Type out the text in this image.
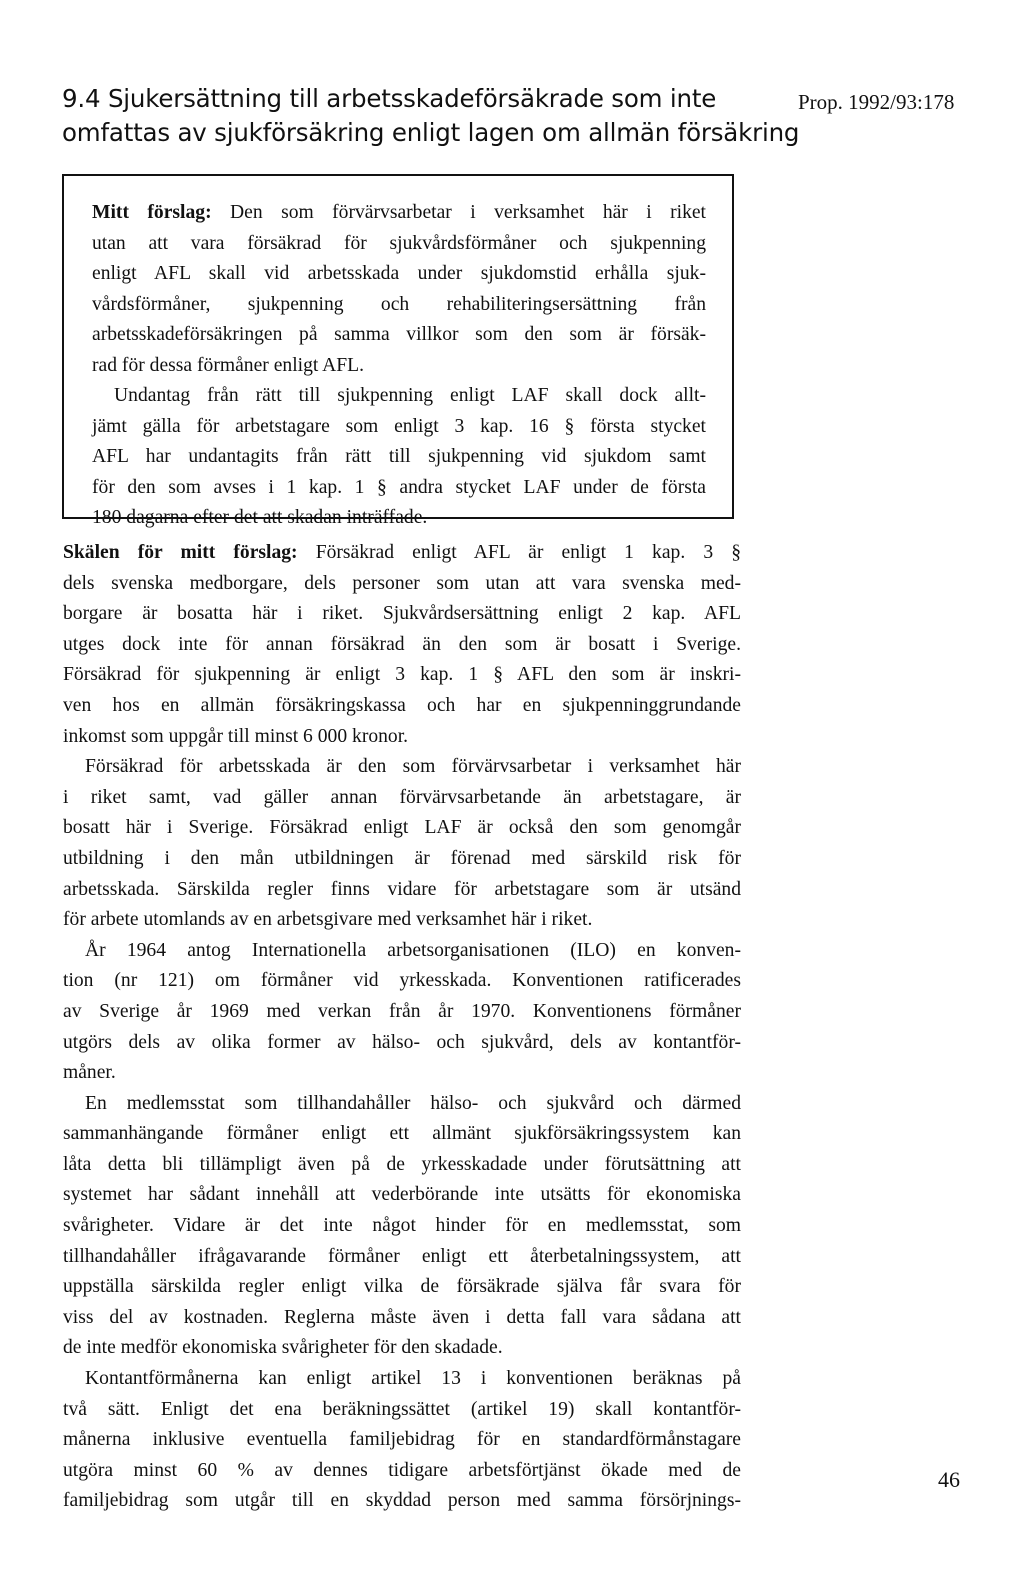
9.4 Sjukersättning till arbetsskadeförsäkrade som inte
omfattas av sjukförsäkring enligt lagen om allmän försäkring
Prop. 1992/93:178
Mitt förslag: Den som förvärvsarbetar i verksamhet här i riket
utan att vara försäkrad för sjukvårdsförmåner och sjukpenning
enligt AFL skall vid arbetsskada under sjukdomstid erhålla sjuk-
vårdsförmåner, sjukpenning och rehabiliteringsersättning från
arbetsskadeförsäkringen på samma villkor som den som är försäk-
rad för dessa förmåner enligt AFL.
Undantag från rätt till sjukpenning enligt LAF skall dock allt-
jämt gälla för arbetstagare som enligt 3 kap. 16 § första stycket
AFL har undantagits från rätt till sjukpenning vid sjukdom samt
för den som avses i 1 kap. 1 § andra stycket LAF under de första
180 dagarna efter det att skadan inträffade.
Skälen för mitt förslag: Försäkrad enligt AFL är enligt 1 kap. 3 §
dels svenska medborgare, dels personer som utan att vara svenska med-
borgare är bosatta här i riket. Sjukvårdsersättning enligt 2 kap. AFL
utges dock inte för annan försäkrad än den som är bosatt i Sverige.
Försäkrad för sjukpenning är enligt 3 kap. 1 § AFL den som är inskri-
ven hos en allmän försäkringskassa och har en sjukpenninggrundande
inkomst som uppgår till minst 6 000 kronor.
Försäkrad för arbetsskada är den som förvärvsarbetar i verksamhet här
i riket samt, vad gäller annan förvärvsarbetande än arbetstagare, är
bosatt här i Sverige. Försäkrad enligt LAF är också den som genomgår
utbildning i den mån utbildningen är förenad med särskild risk för
arbetsskada. Särskilda regler finns vidare för arbetstagare som är utsänd
för arbete utomlands av en arbetsgivare med verksamhet här i riket.
År 1964 antog Internationella arbetsorganisationen (ILO) en konven-
tion (nr 121) om förmåner vid yrkesskada. Konventionen ratificerades
av Sverige år 1969 med verkan från år 1970. Konventionens förmåner
utgörs dels av olika former av hälso- och sjukvård, dels av kontantför-
måner.
En medlemsstat som tillhandahåller hälso- och sjukvård och därmed
sammanhängande förmåner enligt ett allmänt sjukförsäkringssystem kan
låta detta bli tillämpligt även på de yrkesskadade under förutsättning att
systemet har sådant innehåll att vederbörande inte utsätts för ekonomiska
svårigheter. Vidare är det inte något hinder för en medlemsstat, som
tillhandahåller ifrågavarande förmåner enligt ett återbetalningssystem, att
uppställa särskilda regler enligt vilka de försäkrade själva får svara för
viss del av kostnaden. Reglerna måste även i detta fall vara sådana att
de inte medför ekonomiska svårigheter för den skadade.
Kontantförmånerna kan enligt artikel 13 i konventionen beräknas på
två sätt. Enligt det ena beräkningssättet (artikel 19) skall kontantför-
månerna inklusive eventuella familjebidrag för en standardförmånstagare
utgöra minst 60 % av dennes tidigare arbetsförtjänst ökade med de
familjebidrag som utgår till en skyddad person med samma försörjnings-
46
